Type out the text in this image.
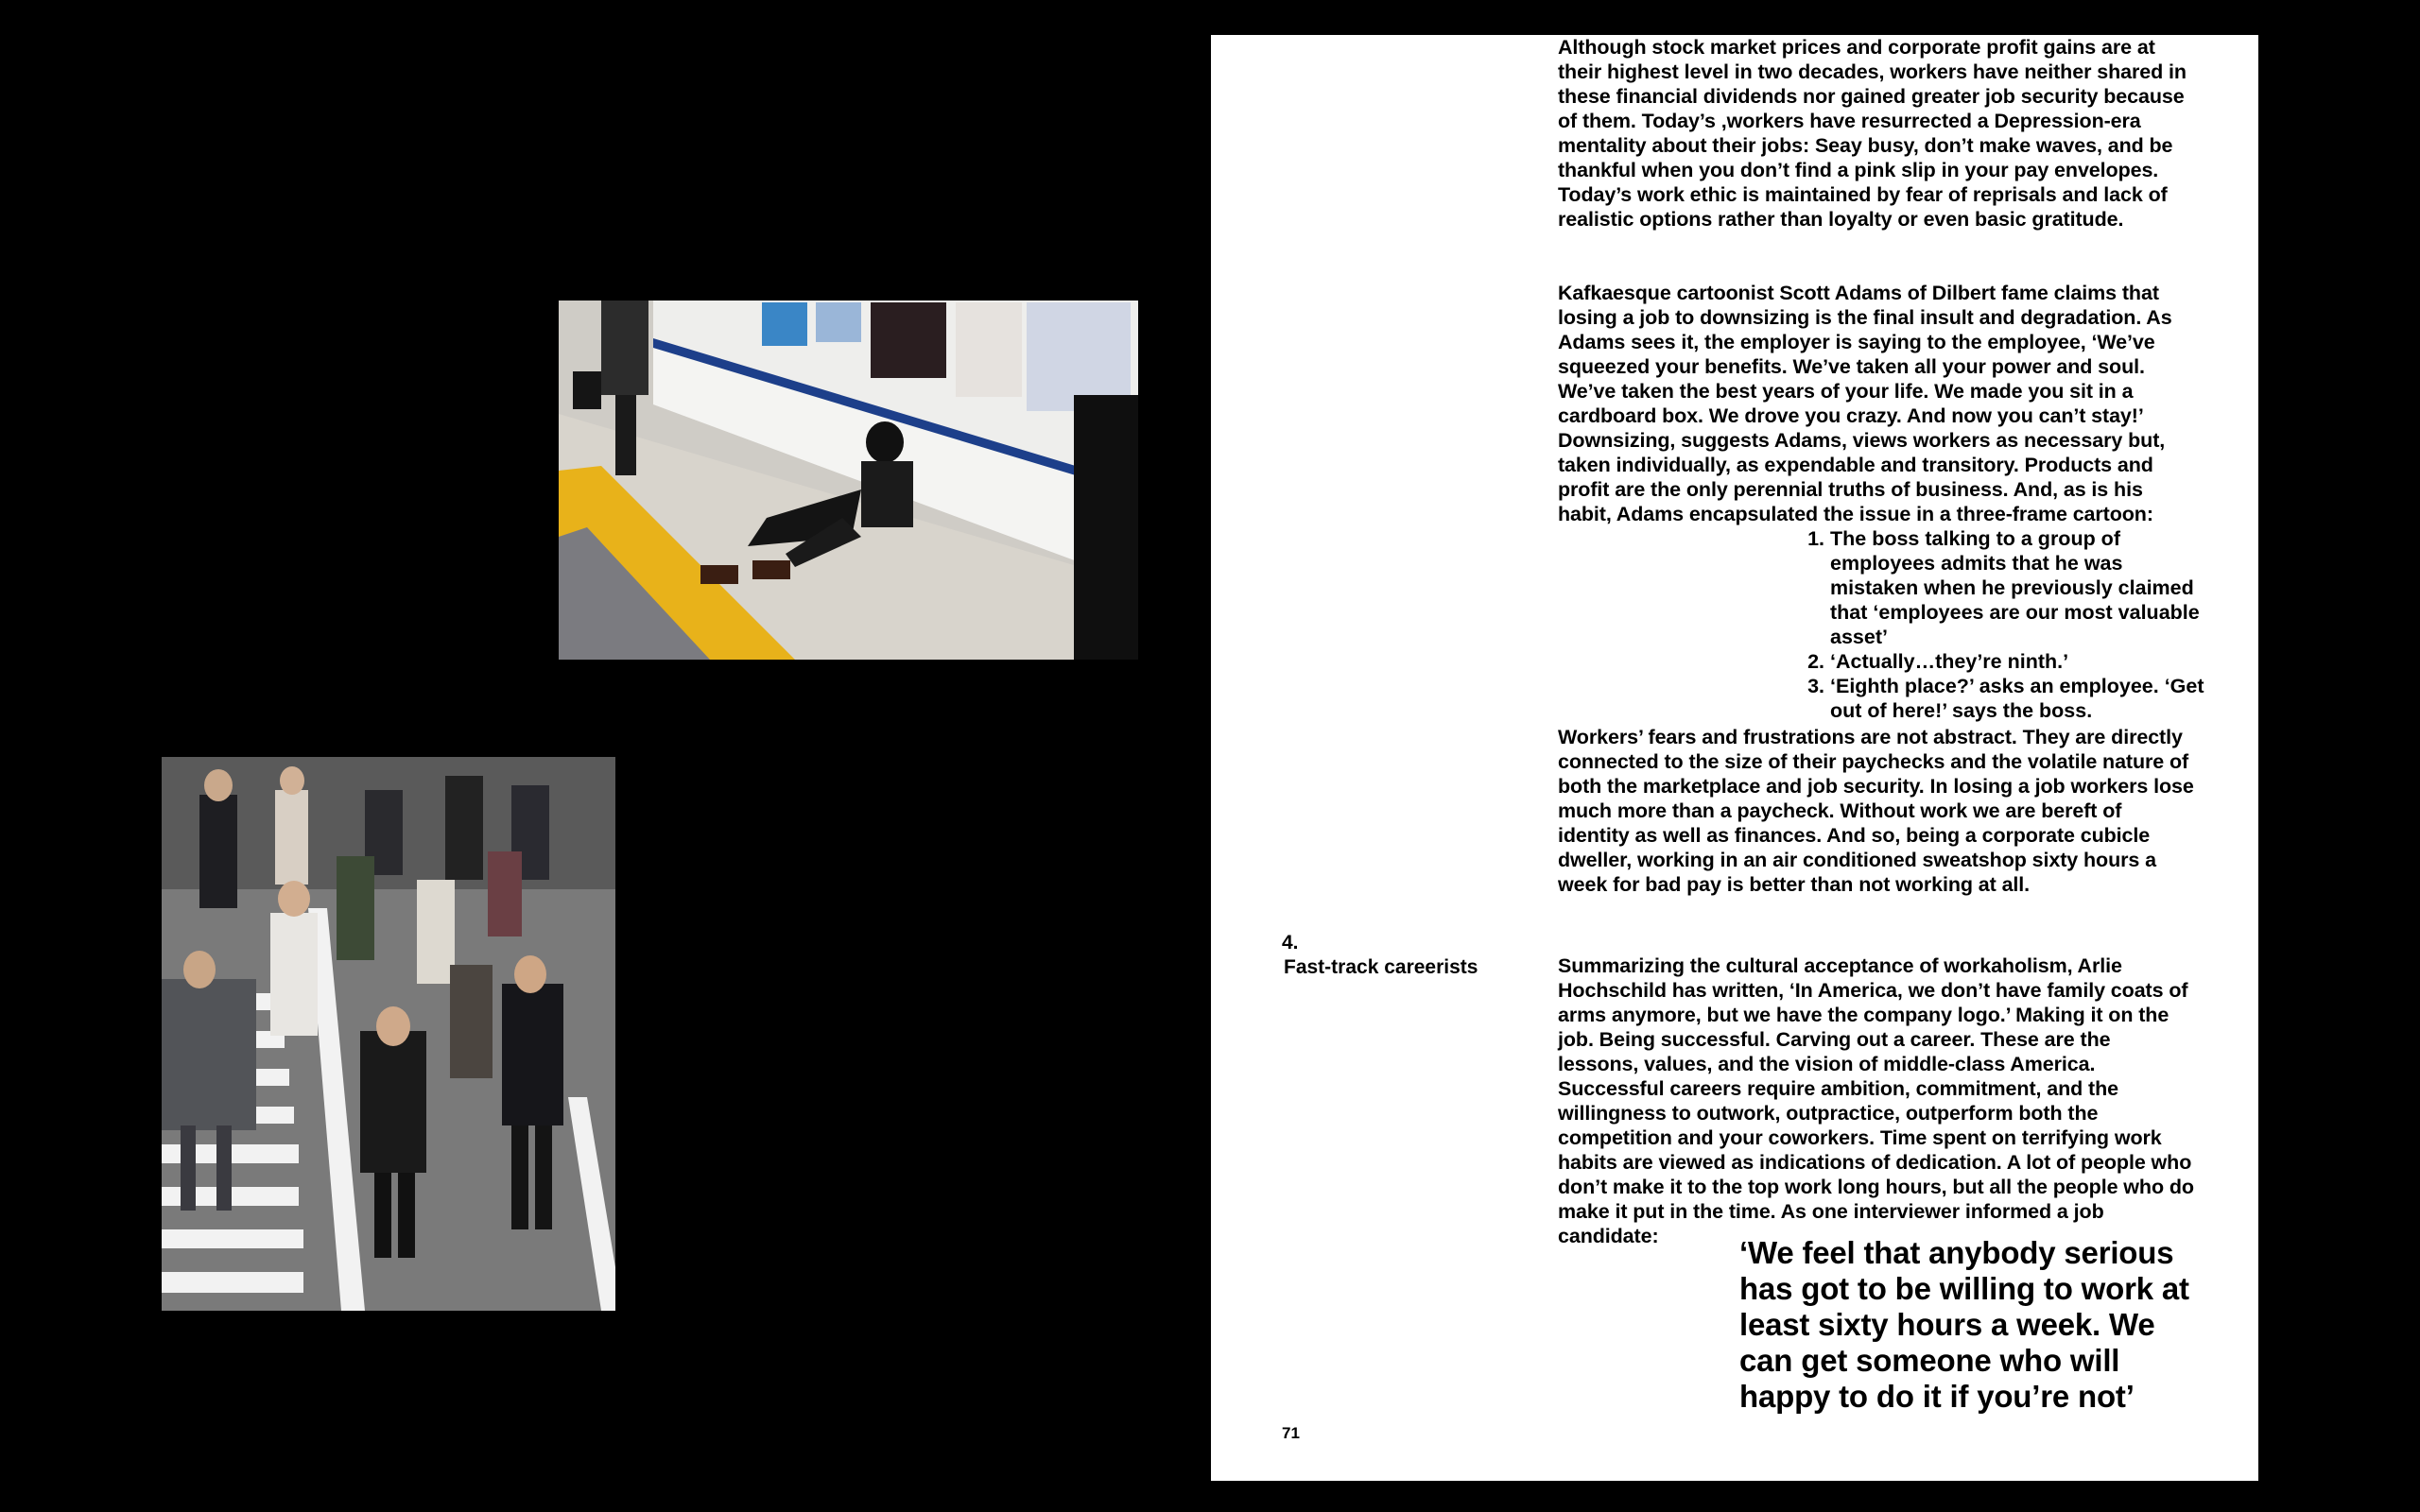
Although stock market prices and corporate profit gains are at their highest level in two decades, workers have neither shared in these financial dividends nor gained greater job security because of them. Today’s ,workers have resurrected a Depression-era mentality about their jobs: Seay busy, don’t make waves, and be thankful when you don’t find a pink slip in your pay envelopes. Today’s work ethic is maintained by fear of reprisals and lack of realistic options rather than loyalty or even basic gratitude.

Kafkaesque cartoonist Scott Adams of Dilbert fame claims that losing a job to downsizing is the final insult and degradation. As Adams sees it, the employer is saying to the employee, ‘We’ve squeezed your benefits. We’ve taken all your power and soul. We’ve taken the best years of your life. We made you sit in a cardboard box. We drove you crazy. And now you can’t stay!’ Downsizing, suggests Adams, views workers as necessary but, taken individually, as expendable and transitory. Products and profit are the only perennial truths of business. And, as is his habit, Adams encapsulated the issue in a three-frame cartoon:

1. The boss talking to a group of employees admits that he was mistaken when he previously claimed that ‘employees are our most valuable asset’
2. ‘Actually…they’re ninth.’
3. ‘Eighth place?’ asks an employee. ‘Get out of here!’ says the boss.

Workers’ fears and frustrations are not abstract. They are directly connected to the size of their paychecks and the volatile nature of both the marketplace and job security. In losing a job workers lose much more than a paycheck. Without work we are bereft of identity as well as finances. And so, being a corporate cubicle dweller, working in an air conditioned sweatshop sixty hours a week for bad pay is better than not working at all.

4.
Fast-track careerists	Summarizing the cultural acceptance of workaholism, Arlie Hochschild has written, ‘In America, we don’t have family coats of arms anymore, but we have the company logo.’ Making it on the job. Being successful. Carving out a career. These are the lessons, values, and the vision of middle-class America. Successful careers require ambition, commitment, and the willingness to outwork, outpractice, outperform both the competition and your coworkers. Time spent on terrifying work habits are viewed as indications of dedication. A lot of people who don’t make it to the top work long hours, but all the people who do make it put in the time. As one interviewer informed a job candidate:	‘We feel that anybody serious has got to be willing to work at least sixty hours a week. We can get someone who will happy to do it if you’re not’

71
